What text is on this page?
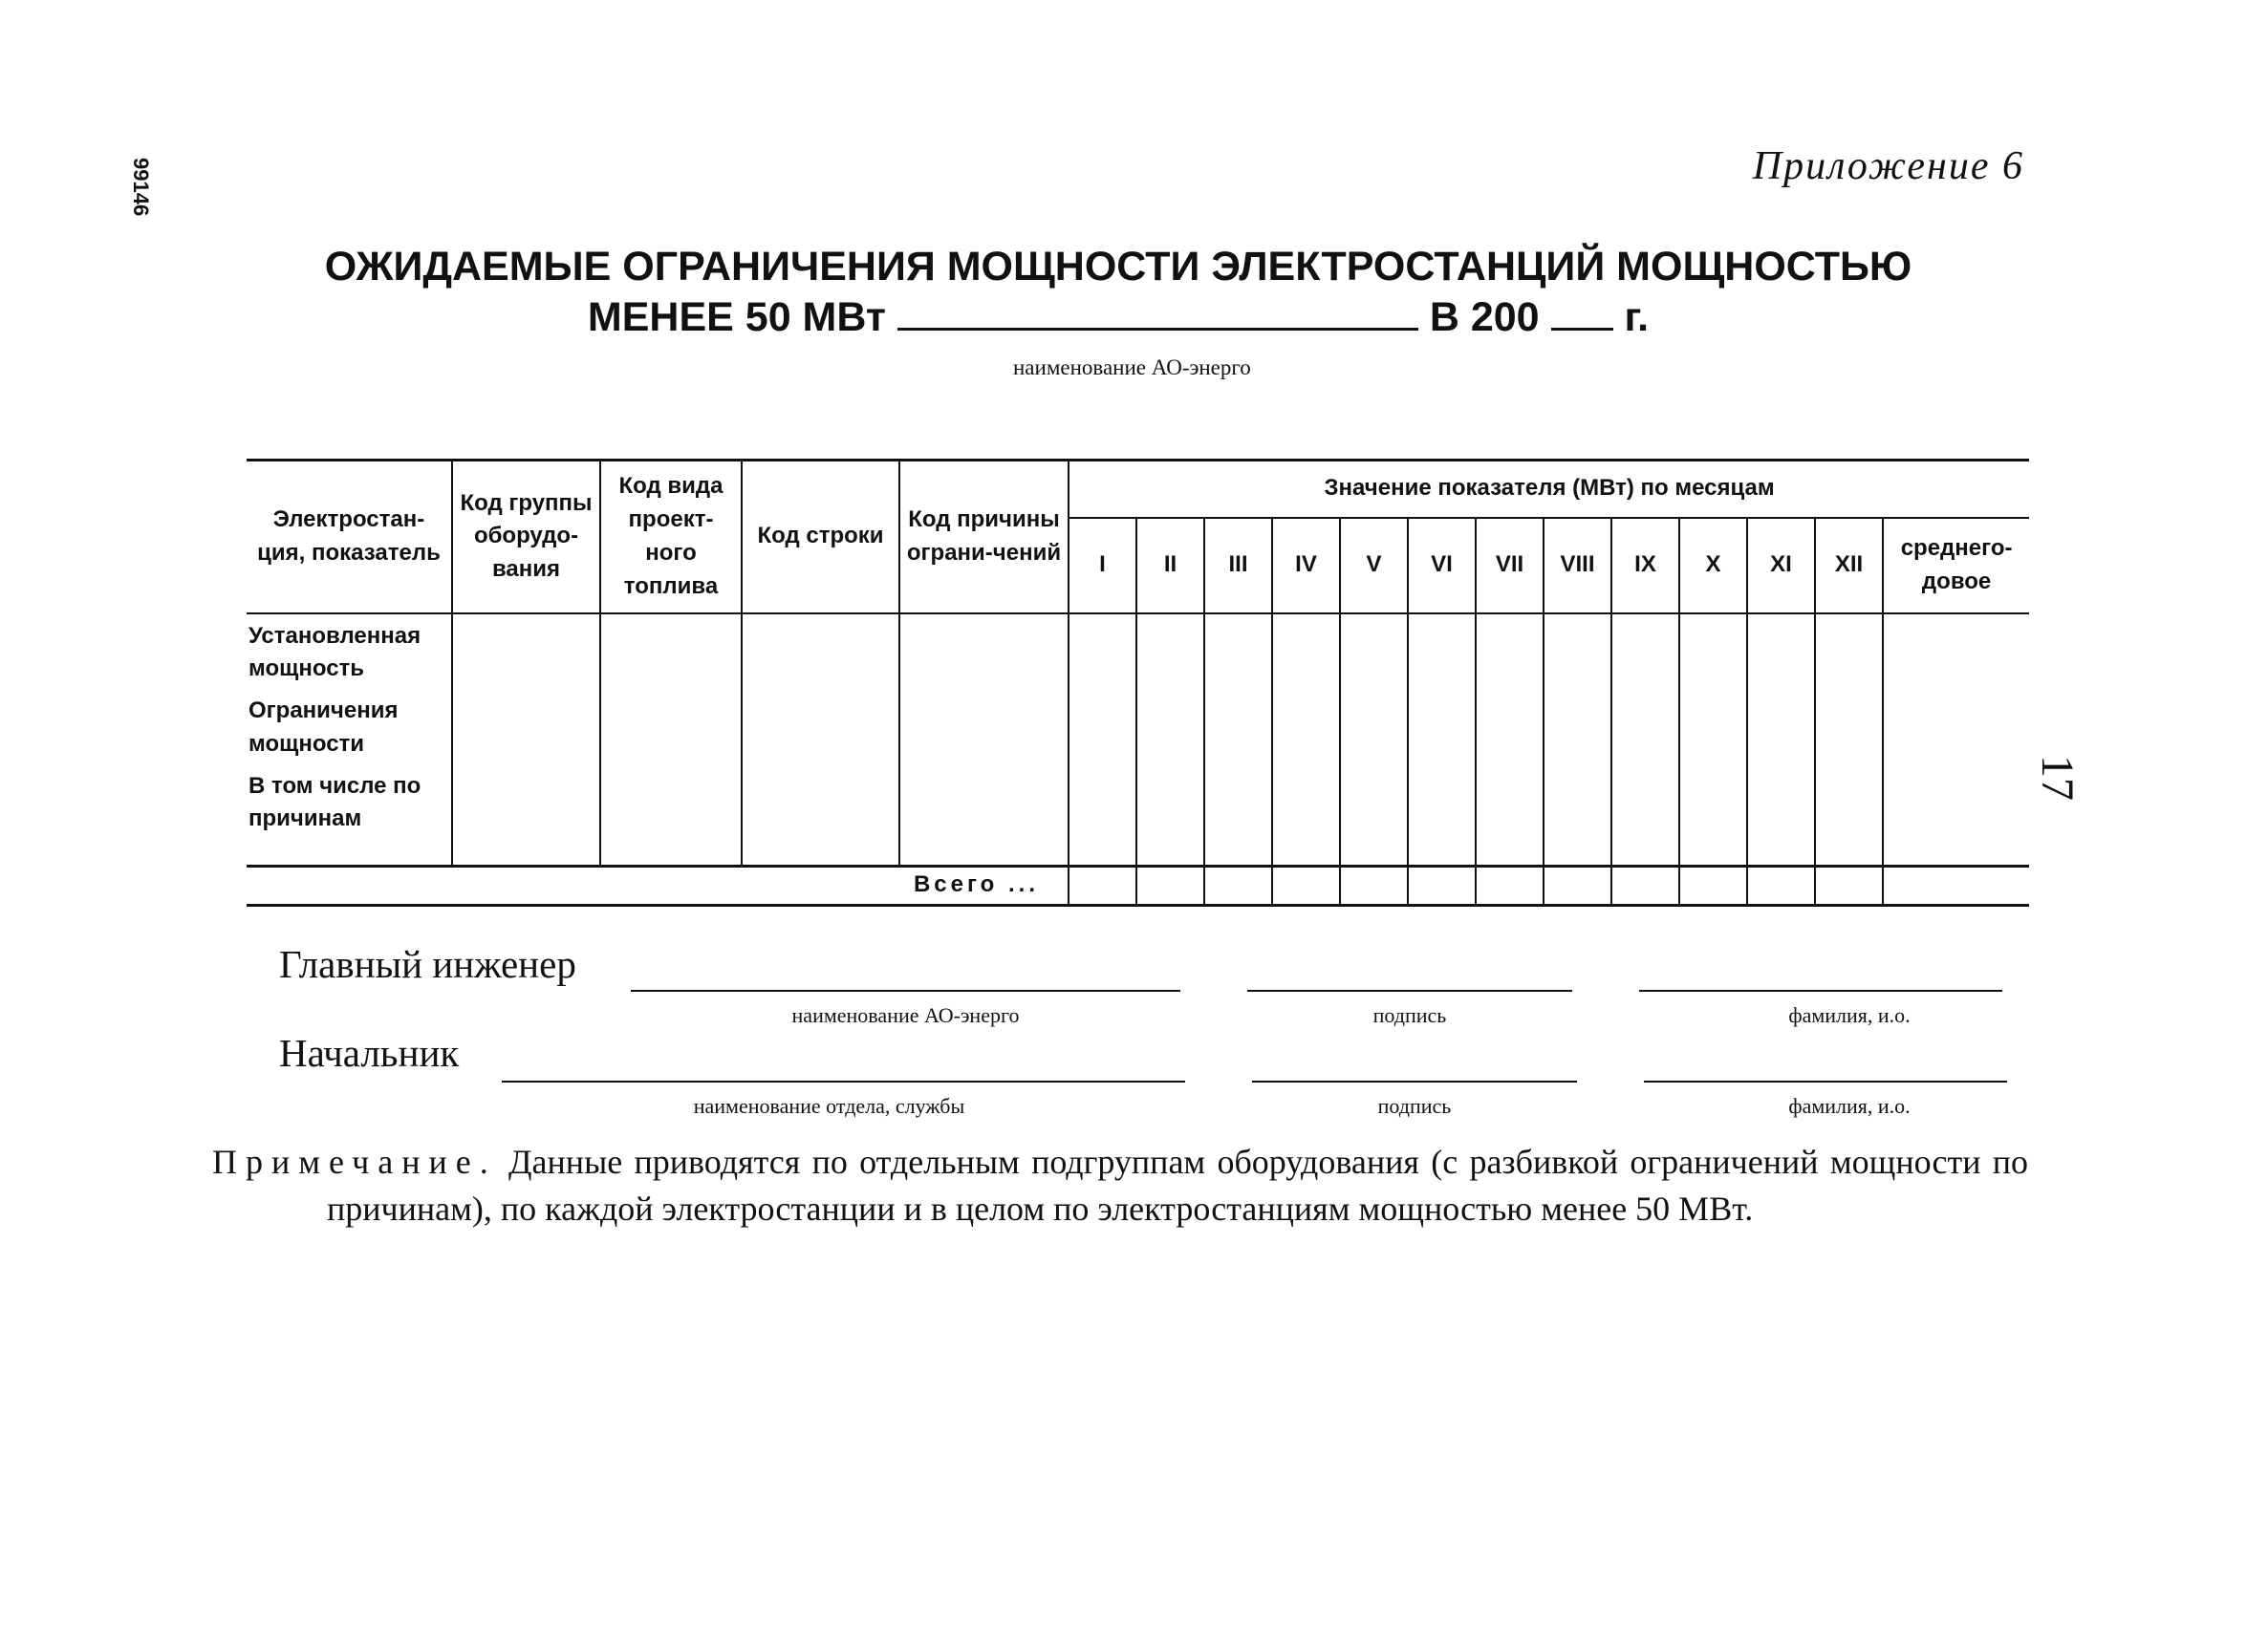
99146
17
Приложение 6
ОЖИДАЕМЫЕ ОГРАНИЧЕНИЯ МОЩНОСТИ ЭЛЕКТРОСТАНЦИЙ МОЩНОСТЬЮ
МЕНЕЕ 50 МВт	В 200 г.
наименование АО-энерго
Электростан-ция, показатель	Код группы оборудо-вания	Код вида проект-ного топлива	Код строки	Код причины ограни-чений	Значение показателя (МВт) по месяцам												
					I	II	III	IV	V	VI	VII	VIII	IX	X	XI	XII	среднего-довое

Установленная мощность
Ограничения мощности
В том числе по причинам																	

Всего ...																	
Главный инженер
наименование АО-энерго	подпись	фамилия, и.о.
Начальник
наименование отдела, службы	подпись	фамилия, и.о.

Примечание. Данные приводятся по отдельным подгруппам оборудования (с разбивкой ограничений мощности по причинам), по каждой электростанции и в целом по электростанциям мощностью менее 50 МВт.
